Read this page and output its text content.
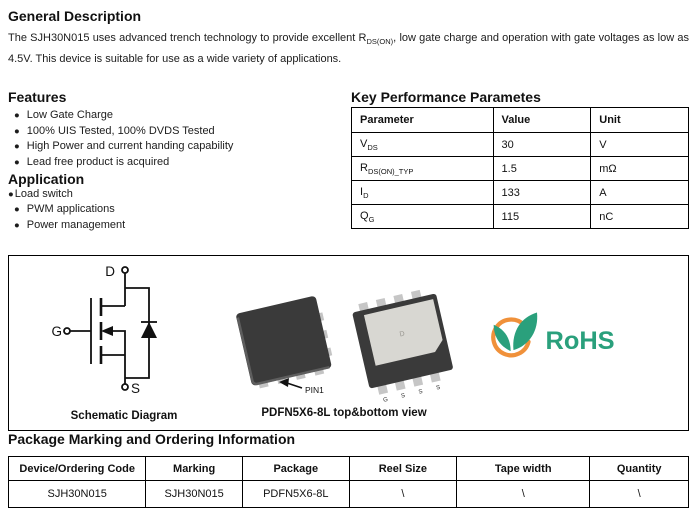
General Description

The SJH30N015 uses advanced trench technology to provide excellent $R_{DS(ON)}$, low gate charge and operation with gate voltages as low as 4.5V. This device is suitable for use as a wide variety of applications.

Features
● Low Gate Charge
● 100% UIS Tested, 100% DVDS Tested
● High Power and current handing capability
● Lead free product is acquired
Application
● Load switch
● PWM applications
● Power management
Key Performance Parametes
Parameter	Value	Unit
$V_{DS}$	30	V
$R_{DS(ON)\_TYP}$	1.5	mΩ
$I_D$	133	A
$Q_G$	115	nC
D
G
S
Schematic Diagram
PIN1
D
G
S
S
S
PDFN5X6-8L top&bottom view
RoHS
Package Marking and Ordering Information
Device/Ordering Code	Marking	Package	Reel Size	Tape width	Quantity
SJH30N015	SJH30N015	PDFN5X6-8L	\	\	\
